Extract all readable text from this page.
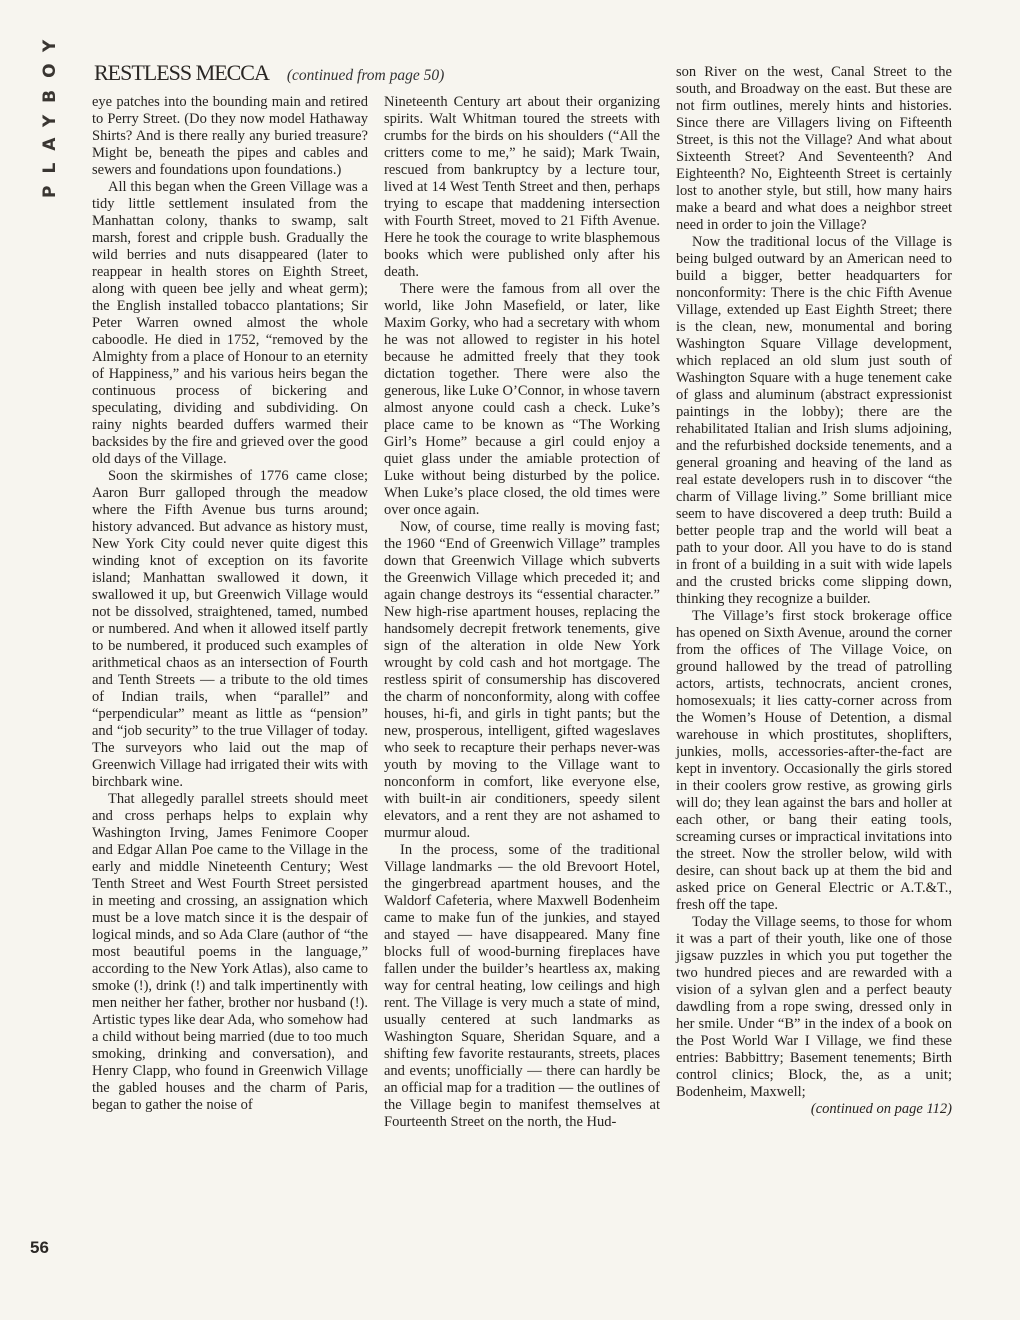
PLAYBOY	RESTLESS MECCA (continued from page 50)

eye patches into the bounding main and retired to Perry Street. (Do they now model Hathaway Shirts? And is there really any buried treasure? Might be, beneath the pipes and cables and sewers and foundations upon foundations.)

All this began when the Green Village was a tidy little settlement insulated from the Manhattan colony, thanks to swamp, salt marsh, forest and cripple bush. Gradually the wild berries and nuts disappeared (later to reappear in health stores on Eighth Street, along with queen bee jelly and wheat germ); the English installed tobacco plantations; Sir Peter Warren owned almost the whole caboodle. He died in 1752, “removed by the Almighty from a place of Honour to an eternity of Happiness,” and his various heirs began the continuous process of bickering and speculating, dividing and subdividing. On rainy nights bearded duffers warmed their backsides by the fire and grieved over the good old days of the Village.

Soon the skirmishes of 1776 came close; Aaron Burr galloped through the meadow where the Fifth Avenue bus turns around; history advanced. But advance as history must, New York City could never quite digest this winding knot of exception on its favorite island; Manhattan swallowed it down, it swallowed it up, but Greenwich Village would not be dissolved, straightened, tamed, numbed or numbered. And when it allowed itself partly to be numbered, it produced such examples of arithmetical chaos as an intersection of Fourth and Tenth Streets — a tribute to the old times of Indian trails, when “parallel” and “perpendicular” meant as little as “pension” and “job security” to the true Villager of today. The surveyors who laid out the map of Greenwich Village had irrigated their wits with birchbark wine.

That allegedly parallel streets should meet and cross perhaps helps to explain why Washington Irving, James Fenimore Cooper and Edgar Allan Poe came to the Village in the early and middle Nineteenth Century; West Tenth Street and West Fourth Street persisted in meeting and crossing, an assignation which must be a love match since it is the despair of logical minds, and so Ada Clare (author of “the most beautiful poems in the language,” according to the New York Atlas), also came to smoke (!), drink (!) and talk impertinently with men neither her father, brother nor husband (!). Artistic types like dear Ada, who somehow had a child without being married (due to too much smoking, drinking and conversation), and Henry Clapp, who found in Greenwich Village the gabled houses and the charm of Paris, began to gather the noise of

Nineteenth Century art about their organizing spirits. Walt Whitman toured the streets with crumbs for the birds on his shoulders (“All the critters come to me,” he said); Mark Twain, rescued from bankruptcy by a lecture tour, lived at 14 West Tenth Street and then, perhaps trying to escape that maddening intersection with Fourth Street, moved to 21 Fifth Avenue. Here he took the courage to write blasphemous books which were published only after his death.

There were the famous from all over the world, like John Masefield, or later, like Maxim Gorky, who had a secretary with whom he was not allowed to register in his hotel because he admitted freely that they took dictation together. There were also the generous, like Luke O’Connor, in whose tavern almost anyone could cash a check. Luke’s place came to be known as “The Working Girl’s Home” because a girl could enjoy a quiet glass under the amiable protection of Luke without being disturbed by the police. When Luke’s place closed, the old times were over once again.

Now, of course, time really is moving fast; the 1960 “End of Greenwich Village” tramples down that Greenwich Village which subverts the Greenwich Village which preceded it; and again change destroys its “essential character.” New high-rise apartment houses, replacing the handsomely decrepit fretwork tenements, give sign of the alteration in olde New York wrought by cold cash and hot mortgage. The restless spirit of consumership has discovered the charm of nonconformity, along with coffee houses, hi-fi, and girls in tight pants; but the new, prosperous, intelligent, gifted wageslaves who seek to recapture their perhaps never-was youth by moving to the Village want to nonconform in comfort, like everyone else, with built-in air conditioners, speedy silent elevators, and a rent they are not ashamed to murmur aloud.

In the process, some of the traditional Village landmarks — the old Brevoort Hotel, the gingerbread apartment houses, and the Waldorf Cafeteria, where Maxwell Bodenheim came to make fun of the junkies, and stayed and stayed — have disappeared. Many fine blocks full of wood-burning fireplaces have fallen under the builder’s heartless ax, making way for central heating, low ceilings and high rent. The Village is very much a state of mind, usually centered at such landmarks as Washington Square, Sheridan Square, and a shifting few favorite restaurants, streets, places and events; unofficially — there can hardly be an official map for a tradition — the outlines of the Village begin to manifest themselves at Fourteenth Street on the north, the Hud-

son River on the west, Canal Street to the south, and Broadway on the east. But these are not firm outlines, merely hints and histories. Since there are Villagers living on Fifteenth Street, is this not the Village? And what about Sixteenth Street? And Seventeenth? And Eighteenth? No, Eighteenth Street is certainly lost to another style, but still, how many hairs make a beard and what does a neighbor street need in order to join the Village?

Now the traditional locus of the Village is being bulged outward by an American need to build a bigger, better headquarters for nonconformity: There is the chic Fifth Avenue Village, extended up East Eighth Street; there is the clean, new, monumental and boring Washington Square Village development, which replaced an old slum just south of Washington Square with a huge tenement cake of glass and aluminum (abstract expressionist paintings in the lobby); there are the rehabilitated Italian and Irish slums adjoining, and the refurbished dockside tenements, and a general groaning and heaving of the land as real estate developers rush in to discover “the charm of Village living.” Some brilliant mice seem to have discovered a deep truth: Build a better people trap and the world will beat a path to your door. All you have to do is stand in front of a building in a suit with wide lapels and the crusted bricks come slipping down, thinking they recognize a builder.

The Village’s first stock brokerage office has opened on Sixth Avenue, around the corner from the offices of The Village Voice, on ground hallowed by the tread of patrolling actors, artists, technocrats, ancient crones, homosexuals; it lies catty-corner across from the Women’s House of Detention, a dismal warehouse in which prostitutes, shoplifters, junkies, molls, accessories-after-the-fact are kept in inventory. Occasionally the girls stored in their coolers grow restive, as growing girls will do; they lean against the bars and holler at each other, or bang their eating tools, screaming curses or impractical invitations into the street. Now the stroller below, wild with desire, can shout back up at them the bid and asked price on General Electric or A.T.&T., fresh off the tape.

Today the Village seems, to those for whom it was a part of their youth, like one of those jigsaw puzzles in which you put together the two hundred pieces and are rewarded with a vision of a sylvan glen and a perfect beauty dawdling from a rope swing, dressed only in her smile. Under “B” in the index of a book on the Post World War I Village, we find these entries: Babbittry; Basement tenements; Birth control clinics; Block, the, as a unit; Bodenheim, Maxwell;

(continued on page 112)

56
